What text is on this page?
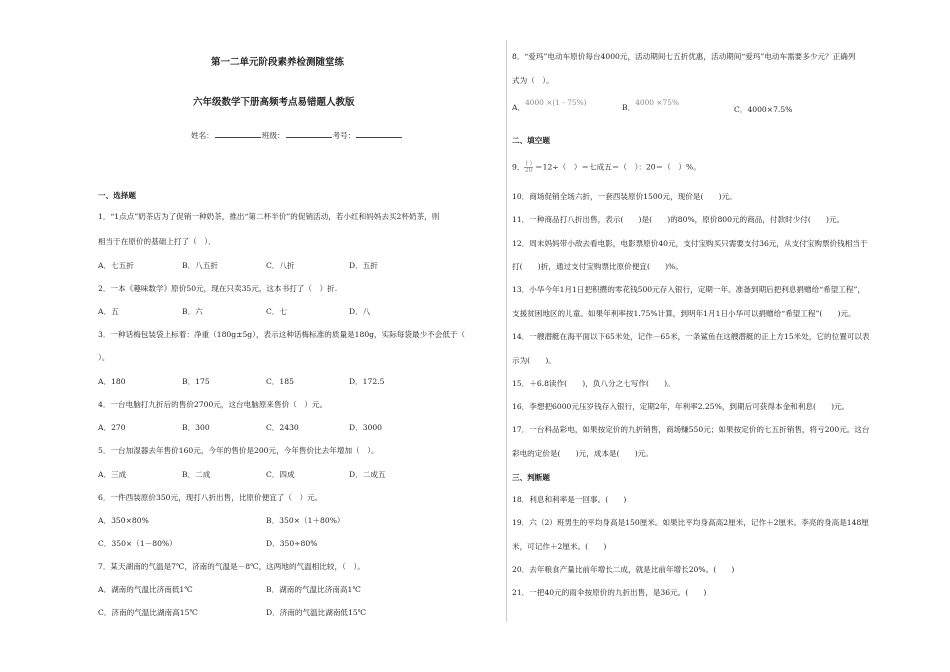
第一二单元阶段素养检测随堂练
六年级数学下册高频考点易错题人教版
姓名：	班级：	考号：
一、选择题
1．“1点点”奶茶店为了促销一种奶茶，推出“第二杯半价”的促销活动，若小红和妈妈去买2杯奶茶，则
相当于在原价的基础上打了（　）．
A．七五折	B．八五折	C．八折	D．五折
2．一本《趣味数学》原价50元，现在只卖35元，这本书打了（　）折.
A．五	B．六	C．七	D．八
3．一种话梅包装袋上标着：净重（180g±5g），表示这种话梅标准的质量是180g，实际每袋最少不会低于（
）。
A．180	B．175	C．185	D．172.5
4．一台电脑打九折后的售价2700元，这台电脑原来售价（　）元。
A．270	B．300	C．2430	D．3000
5．一台加湿器去年售价160元，今年的售价是200元，今年售价比去年增加（　）。
A．三成	B．二成	C．四成	D．二成五
6．一件西装原价350元，现打八折出售，比原价便宜了（　）元。
A．350×80%	B．350×（1＋80%）
C．350×（1－80%）	D．350÷80%
7．某天湖南的气温是7℃，济南的气温是－8℃，这两地的气温相比较，（　）。
A．湖南的气温比济南低1℃	B．湖南的气温比济南高1℃
C．济南的气温比湖南高15℃	D．济南的气温比湖南低15℃
8．“爱玛”电动车原价每台4000元，活动期间七五折优惠，活动期间“爱玛”电动车需要多少元？正确列
式为（　）。
A．4000 ×(1 - 75%)
B．4000 ×75%
C．4000×7.5%
二、填空题
9． $\frac{( )}{20} =12\div$（　）＝七成五＝（　）：20＝（　）%。
10．商场促销全场六折，一套西装原价1500元，现价是(　　)元。
11．一种商品打八折出售，表示(　　)是(　　)的80%，原价800元的商品，付款时少付(　　)元。
12．周末妈妈带小敌去看电影，电影票原价40元，支付宝购买只需要支付36元，从支付宝购票价钱相当于
打(　　)折，通过支付宝购票比原价便宜(　　)%。
13．小华今年1月1日把积攒的零花钱500元存入银行，定期一年。准备到期后把利息捐赠给“希望工程”，
支援贫困地区的儿童。如果年利率按1.75%计算，到明年1月1日小华可以捐赠给“希望工程”(　　)元。
14．一艘潜艇在海平面以下65米处，记作－65米，一条鲨鱼在这艘潜艇的正上方15米处，它的位置可以表
示为(　　)。
15．＋6.8读作(　　)，负八分之七写作(　　)。
16．李想把6000元压岁钱存入银行，定期2年，年利率2.25%，到期后可获得本金和利息(　　)元。
17．一台科品彩电，如果按定价的九折销售，商场赚550元；如果按定价的七五折销售，将亏200元。这台
彩电的定价是(　　)元，成本是(　　)元。
三、判断题
18．利息和利率是一回事。(　　)
19．六（2）班男生的平均身高是150厘米。如果比平均身高高2厘米，记作＋2厘米。李亮的身高是148厘
米，可记作＋2厘米。(　　)
20．去年粮食产量比前年增长二成，就是比前年增长20%。(　　)
21．一把40元的雨伞按原价的九折出售，是36元。(　　)
